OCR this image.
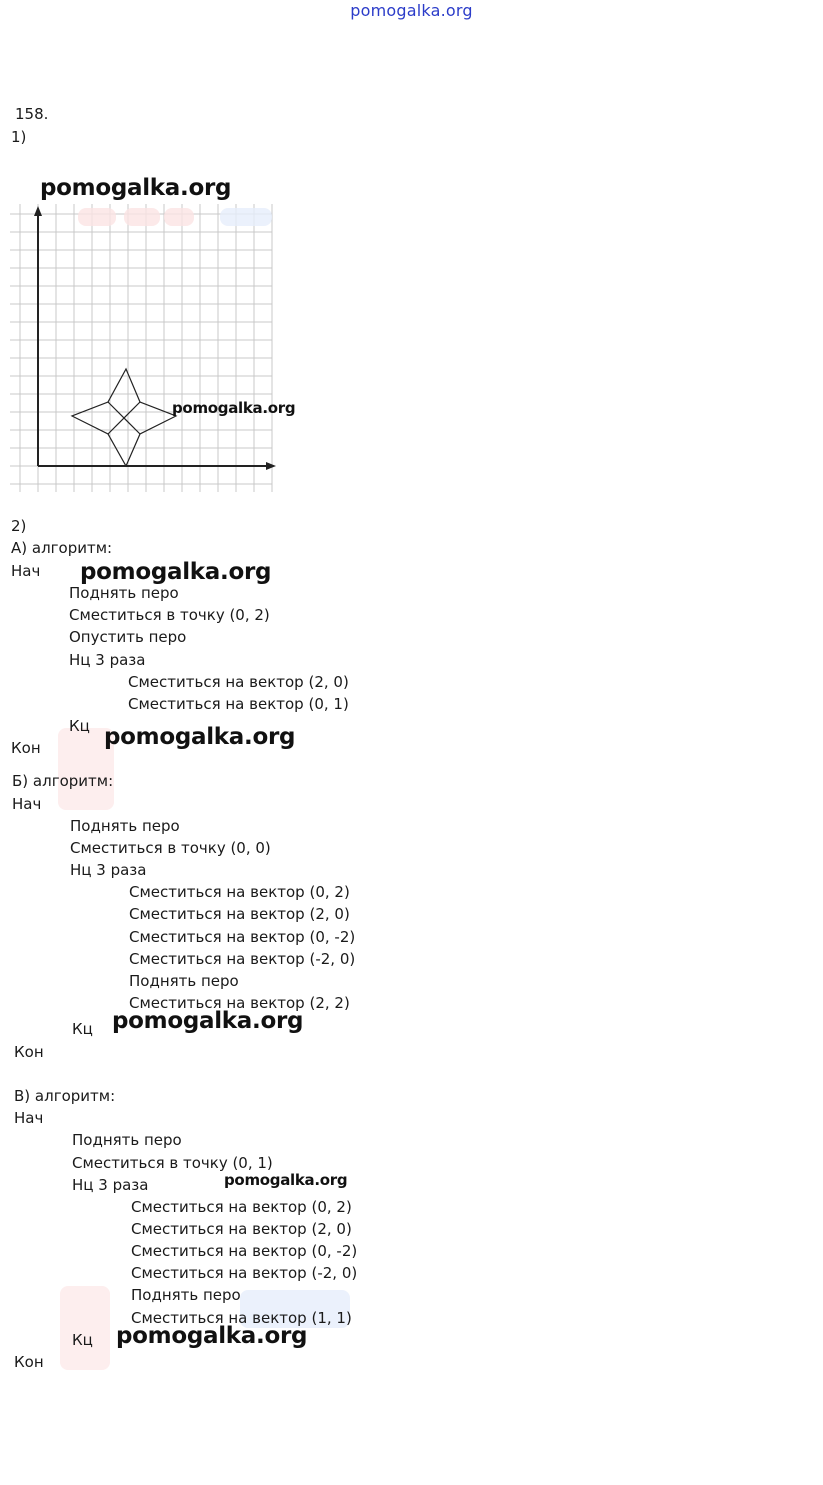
pomogalka.org
158.
1)
pomogalka.org
pomogalka.org
2)
А) алгоритм:
Нач pomogalka.org
Поднять перо
Сместиться в точку (0, 2)
Опустить перо
Нц 3 раза
Сместиться на вектор (2, 0)
Сместиться на вектор (0, 1)
Кц pomogalka.org
Кон
Б) алгоритм:
Нач
Поднять перо
Сместиться в точку (0, 0)
Нц 3 раза
Сместиться на вектор (0, 2)
Сместиться на вектор (2, 0)
Сместиться на вектор (0, -2)
Сместиться на вектор (-2, 0)
Поднять перо
Сместиться на вектор (2, 2)
Кц pomogalka.org
Кон
В) алгоритм:
Нач
Поднять перо
Сместиться в точку (0, 1)
Нц 3 раза	pomogalka.org
Сместиться на вектор (0, 2)
Сместиться на вектор (2, 0)
Сместиться на вектор (0, -2)
Сместиться на вектор (-2, 0)
Поднять перо
Сместиться на вектор (1, 1)
Кц pomogalka.org
Кон
